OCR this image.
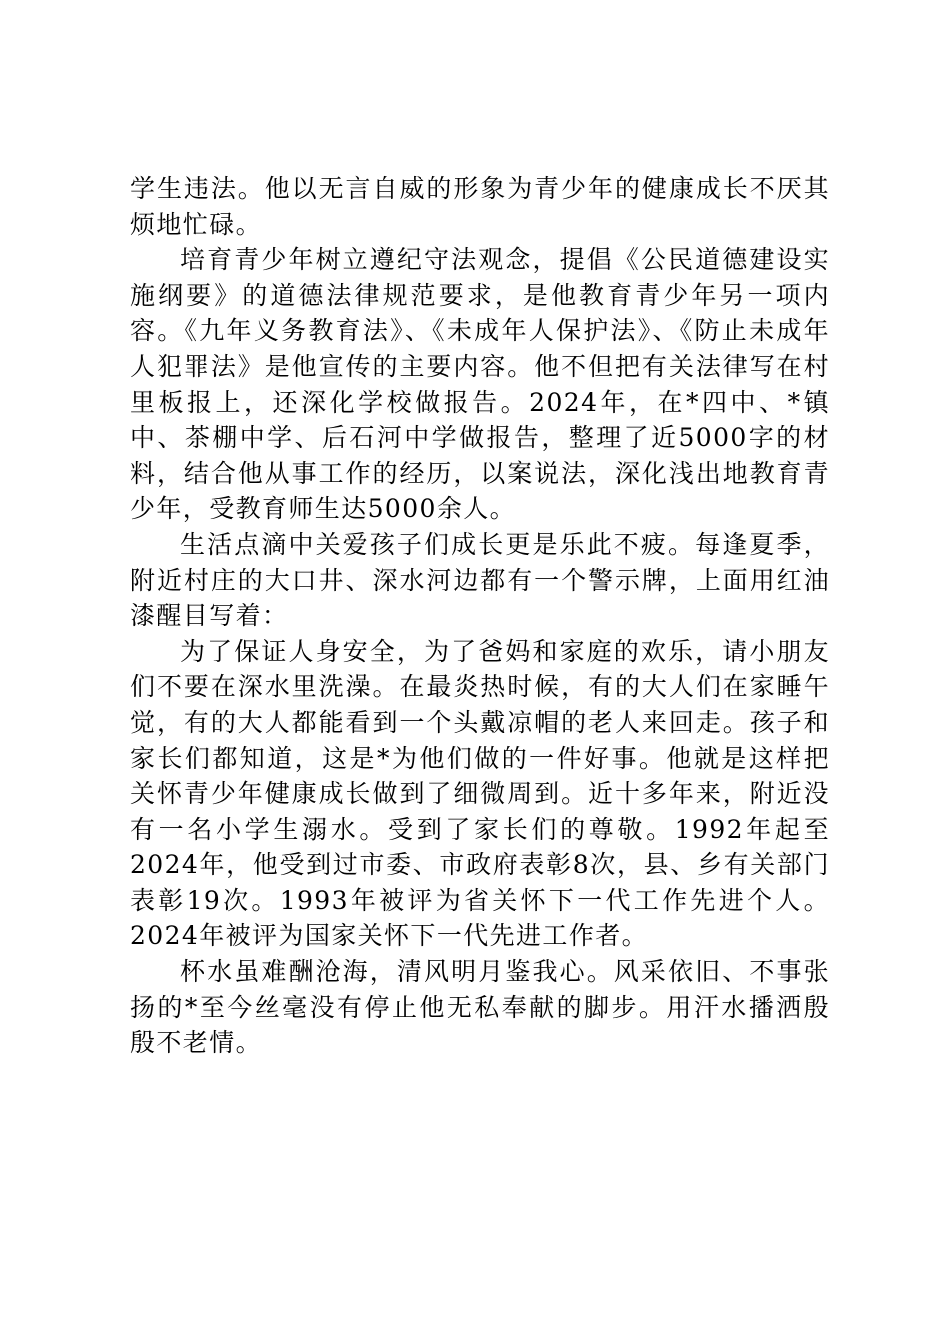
学生违法。他以无言自威的形象为青少年的健康成长不厌其烦地忙碌。

培育青少年树立遵纪守法观念，提倡《公民道德建设实施纲要》的道德法律规范要求，是他教育青少年另一项内容。《九年义务教育法》、《未成年人保护法》、《防止未成年人犯罪法》是他宣传的主要内容。他不但把有关法律写在村里板报上，还深化学校做报告。2024年，在*四中、*镇中、茶棚中学、后石河中学做报告，整理了近5000字的材料，结合他从事工作的经历，以案说法，深化浅出地教育青少年，受教育师生达5000余人。

生活点滴中关爱孩子们成长更是乐此不疲。每逢夏季，附近村庄的大口井、深水河边都有一个警示牌，上面用红油漆醒目写着：

为了保证人身安全，为了爸妈和家庭的欢乐，请小朋友们不要在深水里洗澡。在最炎热时候，有的大人们在家睡午觉，有的大人都能看到一个头戴凉帽的老人来回走。孩子和家长们都知道，这是*为他们做的一件好事。他就是这样把关怀青少年健康成长做到了细微周到。近十多年来，附近没有一名小学生溺水。受到了家长们的尊敬。1992年起至2024年，他受到过市委、市政府表彰8次，县、乡有关部门表彰19次。1993年被评为省关怀下一代工作先进个人。2024年被评为国家关怀下一代先进工作者。

杯水虽难酬沧海，清风明月鉴我心。风采依旧、不事张扬的*至今丝毫没有停止他无私奉献的脚步。用汗水播洒殷殷不老情。
